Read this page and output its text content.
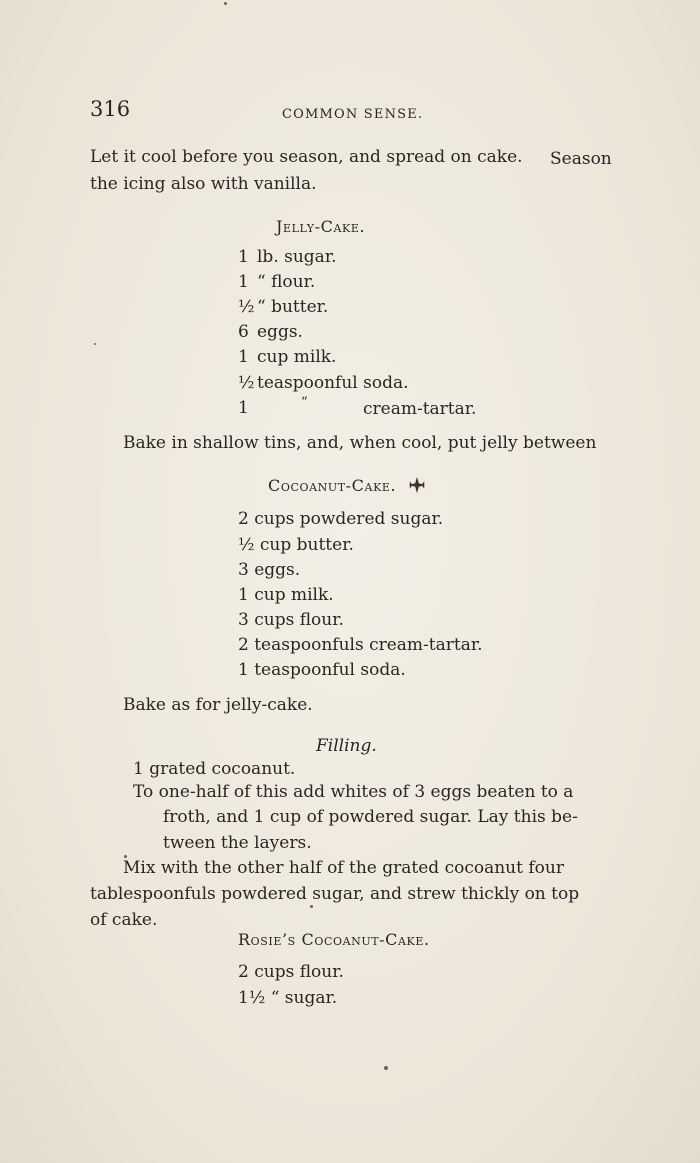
316	COMMON SENSE.
Let it cool before you season, and spread on cake. Season
the icing also with vanilla.
Jelly-Cake.
1 lb. sugar.
1 “ flour.
½ “ butter.
6 eggs.
1 cup milk.
½ teaspoonful soda.
1	“	cream-tartar.
Bake in shallow tins, and, when cool, put jelly between
Cocoanut-Cake.
2 cups powdered sugar.
½ cup butter.
3 eggs.
1 cup milk.
3 cups flour.
2 teaspoonfuls cream-tartar.
1 teaspoonful soda.
Bake as for jelly-cake.
Filling.
1 grated cocoanut.
To one-half of this add whites of 3 eggs beaten to a
froth, and 1 cup of powdered sugar. Lay this be-
tween the layers.
Mix with the other half of the grated cocoanut four
tablespoonfuls powdered sugar, and strew thickly on top
of cake.
Rosie’s Cocoanut-Cake.
2 cups flour.
1½ “ sugar.
